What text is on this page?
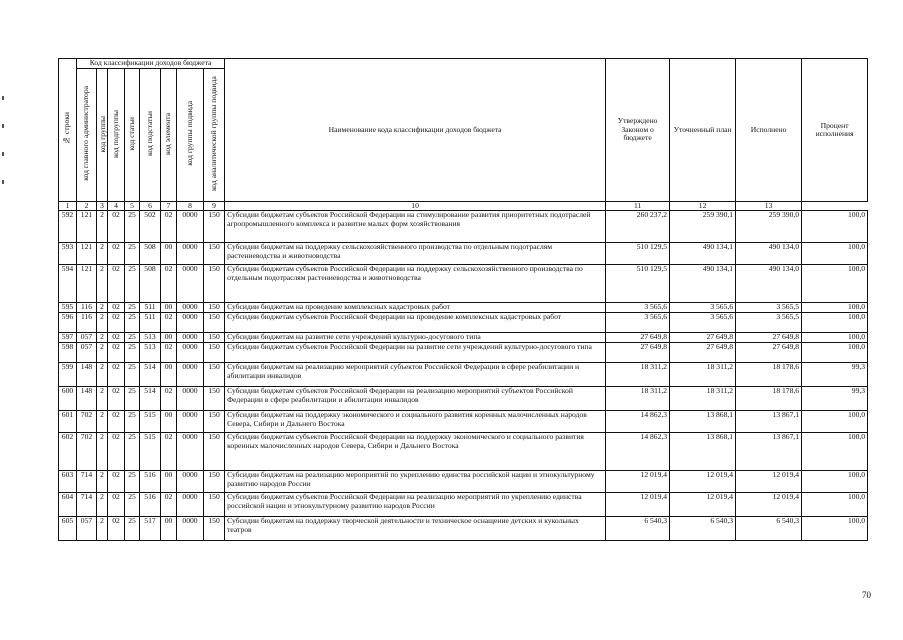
№ строки	Код классификации доходов бюджета								Наименование кода классификации доходов бюджета	Утверждено Законом о бюджете	Уточненный план	Исполнено	Процент исполнения
	код главного администратора	код группы	код подгруппы	код статьи	код подстатьи	код элемента	код группы подвида	код аналитической группы подвида					
1	2	3	4	5	6	7	8	9	10	11	12	13	
592	121	2	02	25	502	02	0000	150	Субсидии бюджетам субъектов Российской Федерации на стимулирование развития приоритетных подотраслей агропромышленного комплекса и развитие малых форм хозяйствования	260 237,2	259 390,1	259 390,0	100,0
593	121	2	02	25	508	00	0000	150	Субсидии бюджетам на поддержку сельскохозяйственного производства по отдельным подотраслям растениеводства и животноводства	510 129,5	490 134,1	490 134,0	100,0
594	121	2	02	25	508	02	0000	150	Субсидии бюджетам субъектов Российской Федерации на поддержку сельскохозяйственного производства по отдельным подотраслям растениеводства и животноводства	510 129,5	490 134,1	490 134,0	100,0
595	116	2	02	25	511	00	0000	150	Субсидии бюджетам на проведение комплексных кадастровых работ	3 565,6	3 565,6	3 565,5	100,0
596	116	2	02	25	511	02	0000	150	Субсидии бюджетам субъектов Российской Федерации на проведение комплексных кадастровых работ	3 565,6	3 565,6	3 565,5	100,0
597	057	2	02	25	513	00	0000	150	Субсидии бюджетам на развитие сети учреждений культурно-досугового типа	27 649,8	27 649,8	27 649,8	100,0
598	057	2	02	25	513	02	0000	150	Субсидии бюджетам субъектов Российской Федерации на развитие сети учреждений культурно-досугового типа	27 649,8	27 649,8	27 649,8	100,0
599	148	2	02	25	514	00	0000	150	Субсидии бюджетам на реализацию мероприятий субъектов Российской Федерации в сфере реабилитации и абилитации инвалидов	18 311,2	18 311,2	18 178,6	99,3
600	148	2	02	25	514	02	0000	150	Субсидии бюджетам субъектов Российской Федерации на реализацию мероприятий субъектов Российской Федерации в сфере реабилитации и абилитации инвалидов	18 311,2	18 311,2	18 178,6	99,3
601	702	2	02	25	515	00	0000	150	Субсидии бюджетам на поддержку экономического и социального развития коренных малочисленных народов Севера, Сибири и Дальнего Востока	14 862,3	13 868,1	13 867,1	100,0
602	702	2	02	25	515	02	0000	150	Субсидии бюджетам субъектов Российской Федерации на поддержку экономического и социального развития коренных малочисленных народов Севера, Сибири и Дальнего Востока	14 862,3	13 868,1	13 867,1	100,0
603	714	2	02	25	516	00	0000	150	Субсидии бюджетам на реализацию мероприятий по укреплению единства российской нации и этнокультурному развитию народов России	12 019,4	12 019,4	12 019,4	100,0
604	714	2	02	25	516	02	0000	150	Субсидии бюджетам субъектов Российской Федерации на реализацию мероприятий по укреплению единства российской нации и этнокультурному развитию народов России	12 019,4	12 019,4	12 019,4	100,0
605	057	2	02	25	517	00	0000	150	Субсидии бюджетам на поддержку творческой деятельности и техническое оснащение детских и кукольных театров	6 540,3	6 540,3	6 540,3	100,0
70
